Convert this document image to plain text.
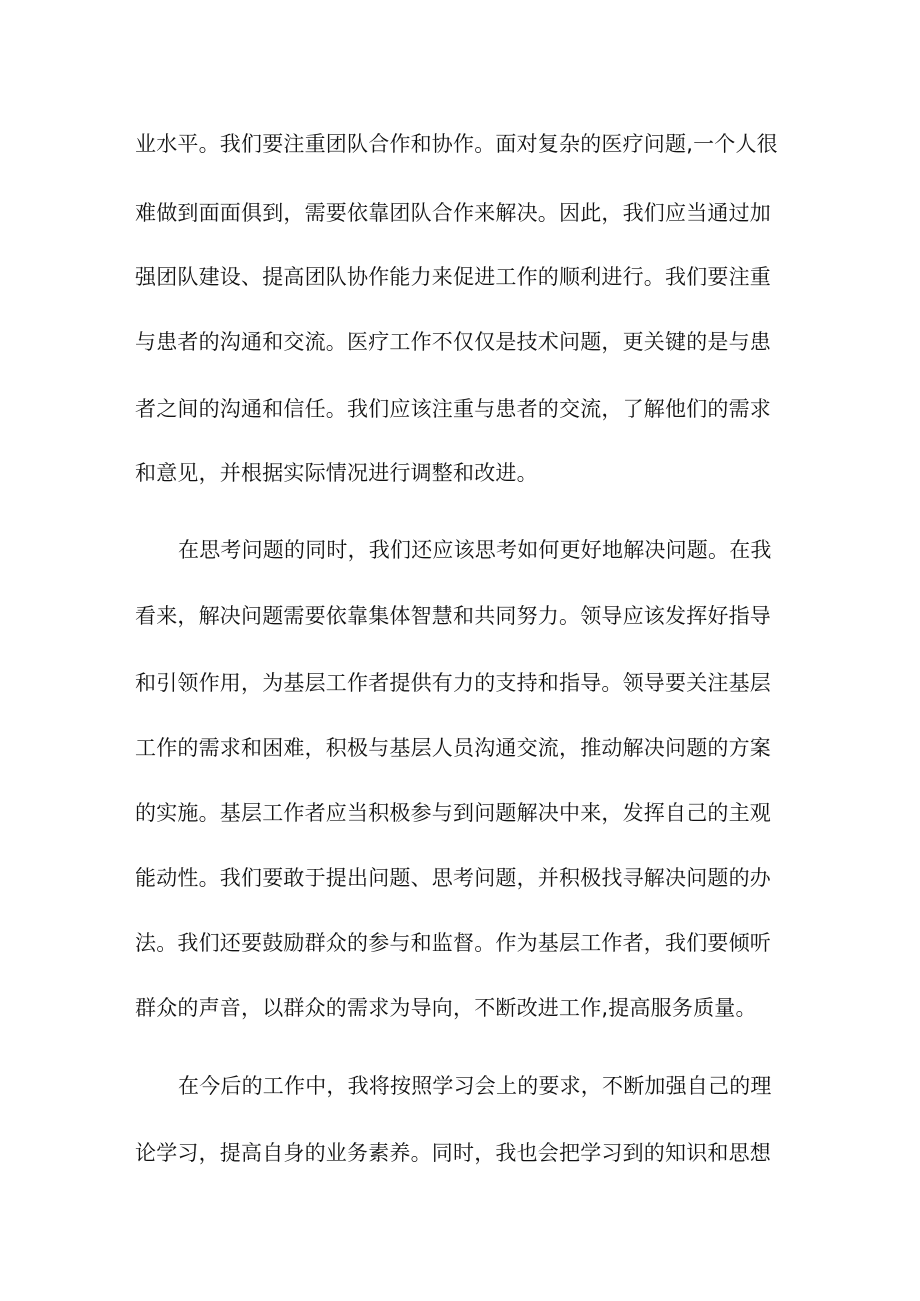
业水平。我们要注重团队合作和协作。面对复杂的医疗问题,一个人很
难做到面面俱到，需要依靠团队合作来解决。因此，我们应当通过加
强团队建设、提高团队协作能力来促进工作的顺利进行。我们要注重
与患者的沟通和交流。医疗工作不仅仅是技术问题，更关键的是与患
者之间的沟通和信任。我们应该注重与患者的交流，了解他们的需求
和意见，并根据实际情况进行调整和改进。
在思考问题的同时，我们还应该思考如何更好地解决问题。在我
看来，解决问题需要依靠集体智慧和共同努力。领导应该发挥好指导
和引领作用，为基层工作者提供有力的支持和指导。领导要关注基层
工作的需求和困难，积极与基层人员沟通交流，推动解决问题的方案
的实施。基层工作者应当积极参与到问题解决中来，发挥自己的主观
能动性。我们要敢于提出问题、思考问题，并积极找寻解决问题的办
法。我们还要鼓励群众的参与和监督。作为基层工作者，我们要倾听
群众的声音，以群众的需求为导向，不断改进工作,提高服务质量。
在今后的工作中，我将按照学习会上的要求，不断加强自己的理
论学习，提高自身的业务素养。同时，我也会把学习到的知识和思想
